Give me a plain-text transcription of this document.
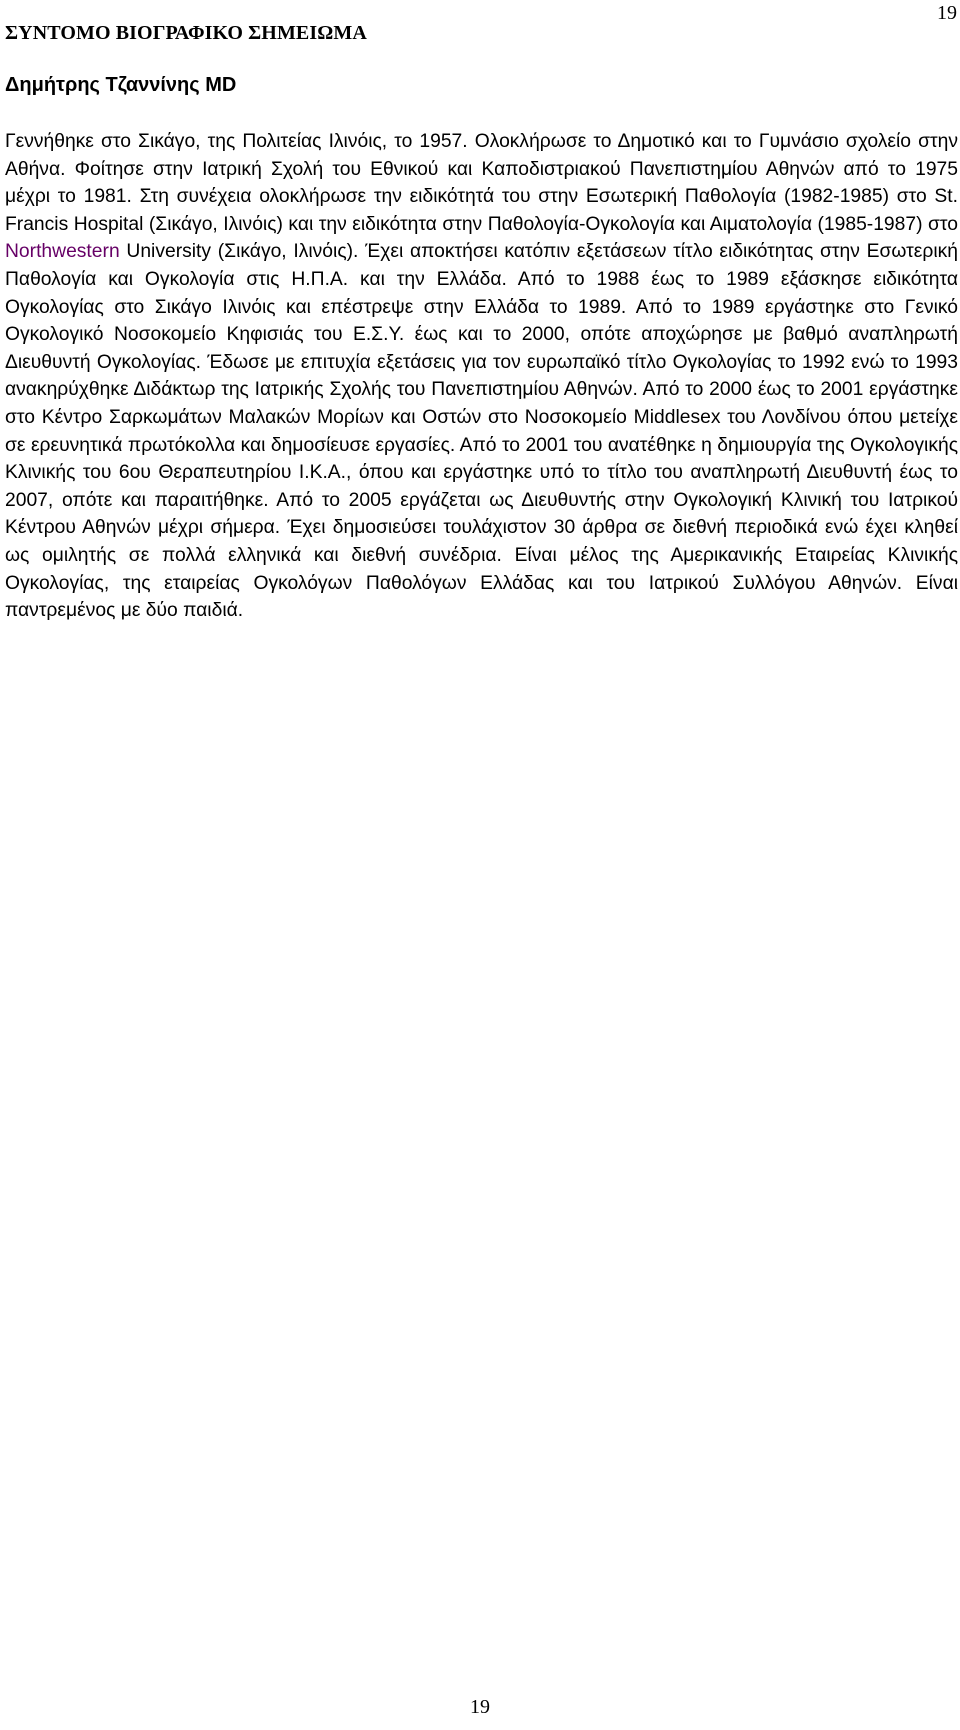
19
ΣΥΝΤΟΜΟ ΒΙΟΓΡΑΦΙΚΟ ΣΗΜΕΙΩΜΑ
Δημήτρης Τζαννίνης MD

Γεννήθηκε στο Σικάγο, της Πολιτείας Ιλινόις, το 1957. Ολοκλήρωσε το Δημοτικό και το Γυμνάσιο σχολείο στην Αθήνα. Φοίτησε στην Ιατρική Σχολή του Εθνικού και Καποδιστριακού Πανεπιστημίου Αθηνών από το 1975 μέχρι το 1981. Στη συνέχεια ολοκλήρωσε την ειδικότητά του στην Εσωτερική Παθολογία (1982-1985) στο St. Francis Hospital (Σικάγο, Ιλινόις) και την ειδικότητα στην Παθολογία-Ογκολογία και Αιματολογία (1985-1987) στο Northwestern University (Σικάγο, Ιλινόις). Έχει αποκτήσει κατόπιν εξετάσεων τίτλο ειδικότητας στην Εσωτερική Παθολογία και Ογκολογία στις Η.Π.Α. και την Ελλάδα. Από το 1988 έως το 1989 εξάσκησε ειδικότητα Ογκολογίας στο Σικάγο Ιλινόις και επέστρεψε στην Ελλάδα το 1989. Από το 1989 εργάστηκε στο Γενικό Ογκολογικό Νοσοκομείο Κηφισιάς του Ε.Σ.Υ. έως και το 2000, οπότε αποχώρησε με βαθμό αναπληρωτή Διευθυντή Ογκολογίας. Έδωσε με επιτυχία εξετάσεις για τον ευρωπαϊκό τίτλο Ογκολογίας το 1992 ενώ το 1993 ανακηρύχθηκε Διδάκτωρ της Ιατρικής Σχολής του Πανεπιστημίου Αθηνών. Από το 2000 έως το 2001 εργάστηκε στο Κέντρο Σαρκωμάτων Μαλακών Μορίων και Οστών στο Νοσοκομείο Middlesex του Λονδίνου όπου μετείχε σε ερευνητικά πρωτόκολλα και δημοσίευσε εργασίες. Από το 2001 του ανατέθηκε η δημιουργία της Ογκολογικής Κλινικής του 6ου Θεραπευτηρίου Ι.Κ.Α., όπου και εργάστηκε υπό το τίτλο του αναπληρωτή Διευθυντή έως το 2007, οπότε και παραιτήθηκε. Από το 2005 εργάζεται ως Διευθυντής στην Ογκολογική Κλινική του Ιατρικού Κέντρου Αθηνών μέχρι σήμερα. Έχει δημοσιεύσει τουλάχιστον 30 άρθρα σε διεθνή περιοδικά ενώ έχει κληθεί ως ομιλητής σε πολλά ελληνικά και διεθνή συνέδρια. Είναι μέλος της Αμερικανικής Εταιρείας Κλινικής Ογκολογίας, της εταιρείας Ογκολόγων Παθολόγων Ελλάδας και του Ιατρικού Συλλόγου Αθηνών. Είναι παντρεμένος με δύο παιδιά.

19
